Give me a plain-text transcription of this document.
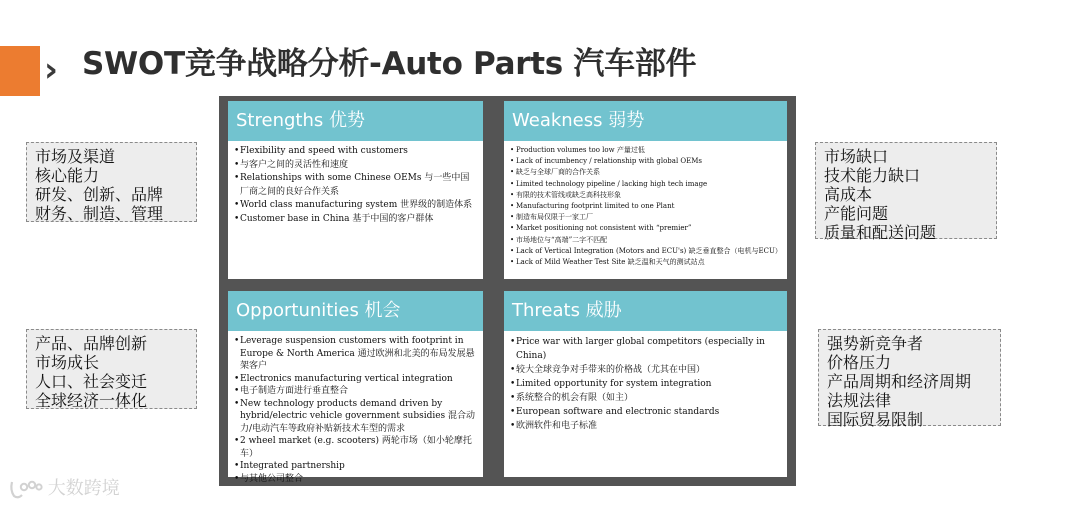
› SWOT竞争战略分析-Auto Parts 汽车部件
市场及渠道
核心能力
研发、创新、品牌
财务、制造、管理
市场缺口
技术能力缺口
高成本
产能问题
质量和配送问题
产品、品牌创新
市场成长
人口、社会变迁
全球经济一体化
强势新竞争者
价格压力
产品周期和经济周期
法规法律
国际贸易限制
Strengths 优势
• Flexibility and speed with customers
• 与客户之间的灵活性和速度
• Relationships with some Chinese OEMs 与一些中国厂商之间的良好合作关系
• World class manufacturing system 世界级的制造体系
• Customer base in China 基于中国的客户群体
Weakness 弱势
• Production volumes too low 产量过低
• Lack of incumbency / relationship with global OEMs
• 缺乏与全球厂商的合作关系
• Limited technology pipeline / lacking high tech image
• 有限的技术管线或缺乏高科技形象
• Manufacturing footprint limited to one Plant
• 制造布局仅限于一家工厂
• Market positioning not consistent with “premier”
• 市场地位与“高端”二字不匹配
• Lack of Vertical Integration (Motors and ECU's) 缺乏垂直整合（电机与ECU）
• Lack of Mild Weather Test Site 缺乏温和天气的测试站点
Opportunities 机会
• Leverage suspension customers with footprint in Europe & North America 通过欧洲和北美的布局发展悬架客户
• Electronics manufacturing vertical integration
• 电子制造方面进行垂直整合
• New technology products demand driven by hybrid/electric vehicle government subsidies 混合动力/电动汽车等政府补贴新技术车型的需求
• 2 wheel market (e.g. scooters) 两轮市场（如小轮摩托车）
• Integrated partnership
• 与其他公司整合
Threats 威胁
• Price war with larger global competitors (especially in China)
• 较大全球竞争对手带来的价格战（尤其在中国）
• Limited opportunity for system integration
• 系统整合的机会有限（如主）
• European software and electronic standards
• 欧洲软件和电子标准
大数跨境
